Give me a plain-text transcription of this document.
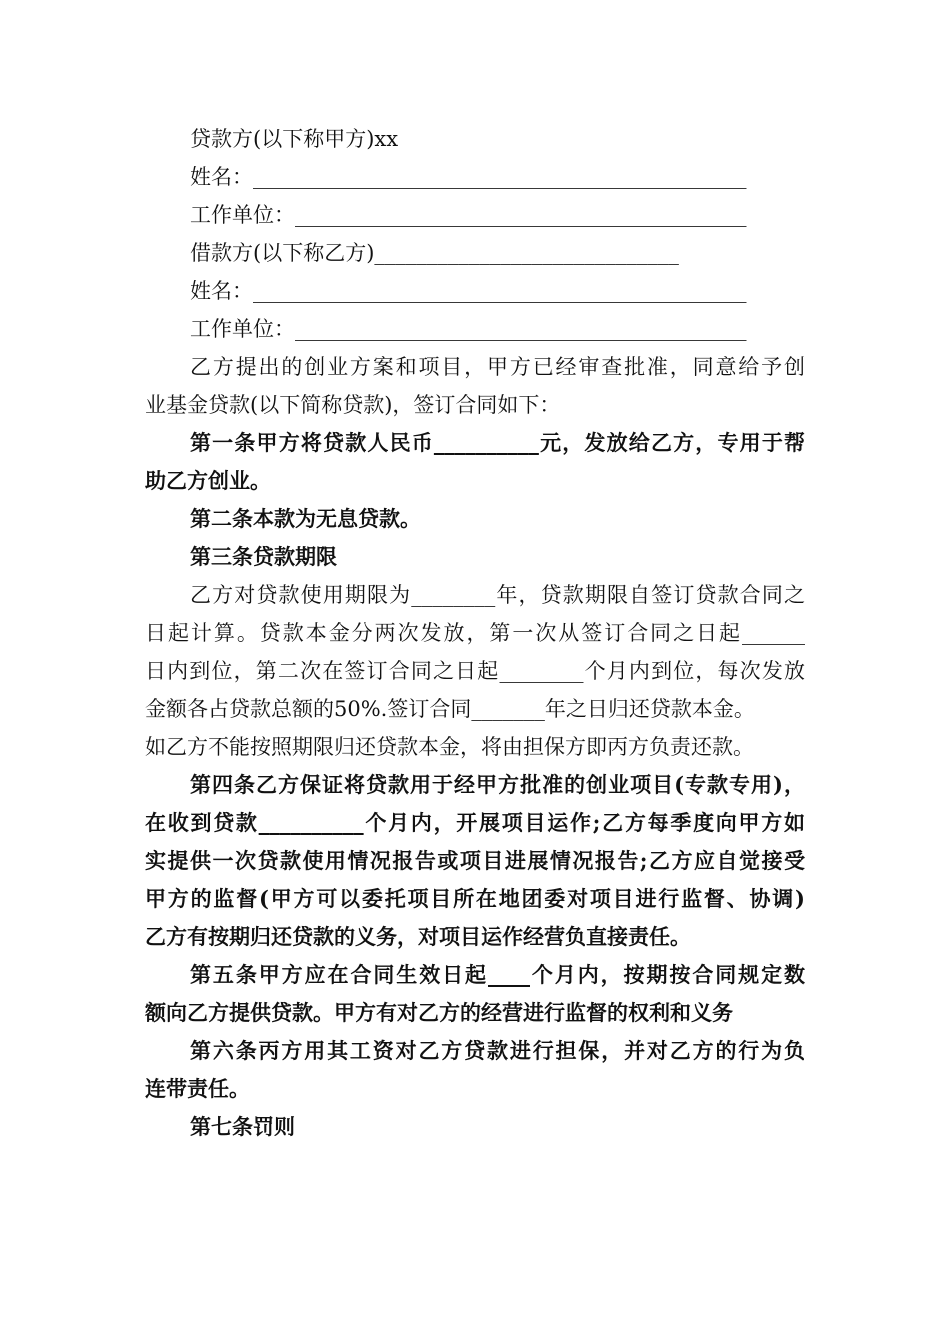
贷款方(以下称甲方)xx
姓名：_______________________________________________
工作单位：___________________________________________
借款方(以下称乙方)_____________________________
姓名：_______________________________________________
工作单位：___________________________________________
乙方提出的创业方案和项目，甲方已经审查批准，同意给予创
业基金贷款(以下简称贷款)，签订合同如下：
第一条甲方将贷款人民币__________元，发放给乙方，专用于帮
助乙方创业。
第二条本款为无息贷款。
第三条贷款期限
乙方对贷款使用期限为________年，贷款期限自签订贷款合同之
日起计算。贷款本金分两次发放，第一次从签订合同之日起______
日内到位，第二次在签订合同之日起________个月内到位，每次发放
金额各占贷款总额的50%.签订合同_______年之日归还贷款本金。
如乙方不能按照期限归还贷款本金，将由担保方即丙方负责还款。
第四条乙方保证将贷款用于经甲方批准的创业项目(专款专用)，
在收到贷款__________个月内，开展项目运作;乙方每季度向甲方如
实提供一次贷款使用情况报告或项目进展情况报告;乙方应自觉接受
甲方的监督(甲方可以委托项目所在地团委对项目进行监督、协调)
乙方有按期归还贷款的义务，对项目运作经营负直接责任。
第五条甲方应在合同生效日起____个月内，按期按合同规定数
额向乙方提供贷款。甲方有对乙方的经营进行监督的权利和义务
第六条丙方用其工资对乙方贷款进行担保，并对乙方的行为负
连带责任。
第七条罚则
